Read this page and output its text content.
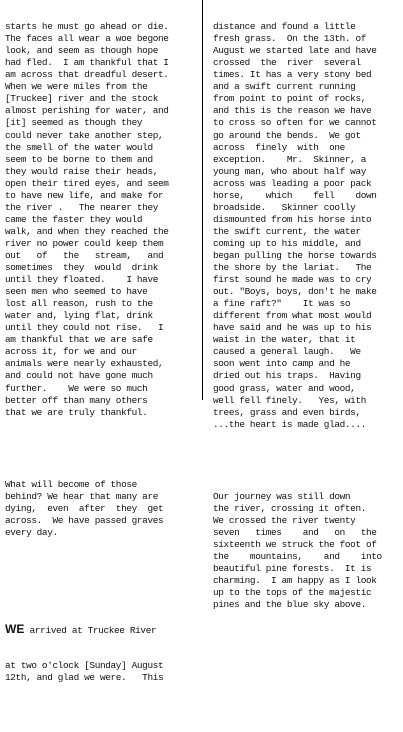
starts he must go ahead or die.
The faces all wear a woe begone
look, and seem as though hope
had fled.  I am thankful that I
am across that dreadful desert.
When we were miles from the
[Truckee] river and the stock
almost perishing for water, and
[it] seemed as though they
could never take another step,
the smell of the water would
seem to be borne to them and
they would raise their heads,
open their tired eyes, and seem
to have new life, and make for
the river .   The nearer they
came the faster they would
walk, and when they reached the
river no power could keep them
out   of   the   stream,   and
sometimes  they  would  drink
until they floated.    I have
seen men who seemed to have
lost all reason, rush to the
water and, lying flat, drink
until they could not rise.   I
am thankful that we are safe
across it, for we and our
animals were nearly exhausted,
and could not have gone much
further.    We were so much
better off than many others
that we are truly thankful.

What will become of those
behind? We hear that many are
dying,  even  after  they  get
across.  We have passed graves
every day.

WE arrived at Truckee River

at two o'clock [Sunday] August
12th, and glad we were.   This

distance and found a little
fresh grass.  On the 13th. of
August we started late and have
crossed  the  river  several
times. It has a very stony bed
and a swift current running
from point to point of rocks,
and this is the reason we have
to cross so often for we cannot
go around the bends.  We got
across  finely  with  one
exception.    Mr.  Skinner, a
young man, who about half way
across was leading a poor pack
horse,    which    fell    down
broadside.   Skinner coolly
dismounted from his horse into
the swift current, the water
coming up to his middle, and
began pulling the horse towards
the shore by the lariat.   The
first sound he made was to cry
out. "Boys, boys, don't he make
a fine raft?"    It was so
different from what most would
have said and he was up to his
waist in the water, that it
caused a general laugh.   We
soon went into camp and he
dried out his traps.  Having
good grass, water and wood,
well fell finely.   Yes, with
trees, grass and even birds,
...the heart is made glad....

Our journey was still down
the river, crossing it often.
We crossed the river twenty
seven   times    and   on   the
sixteenth we struck the foot of
the    mountains,    and    into
beautiful pine forests.  It is
charming.  I am happy as I look
up to the tops of the majestic
pines and the blue sky above.
